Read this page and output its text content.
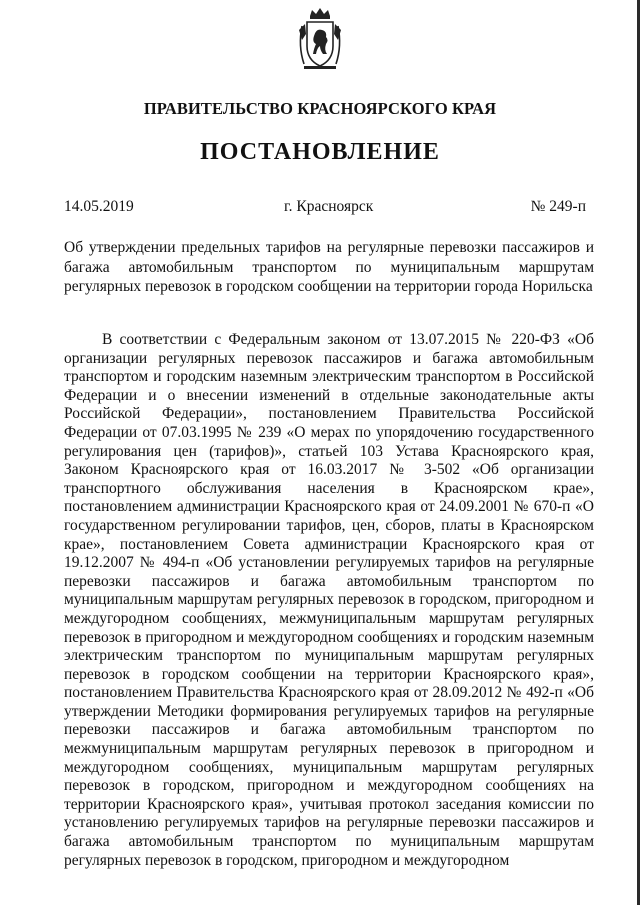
ПРАВИТЕЛЬСТВО КРАСНОЯРСКОГО КРАЯ
ПОСТАНОВЛЕНИЕ
14.05.2019	г. Красноярск	№ 249-п
Об утверждении предельных тарифов на регулярные перевозки пассажиров и багажа автомобильным транспортом по муниципальным маршрутам регулярных перевозок в городском сообщении на территории города Норильска
В соответствии с Федеральным законом от 13.07.2015 № 220-ФЗ «Об организации регулярных перевозок пассажиров и багажа автомобильным транспортом и городским наземным электрическим транспортом в Российской Федерации и о внесении изменений в отдельные законодательные акты Российской Федерации», постановлением Правительства Российской Федерации от 07.03.1995 № 239 «О мерах по упорядочению государственного регулирования цен (тарифов)», статьей 103 Устава Красноярского края, Законом Красноярского края от 16.03.2017 № 3-502 «Об организации транспортного обслуживания населения в Красноярском крае», постановлением администрации Красноярского края от 24.09.2001 № 670-п «О государственном регулировании тарифов, цен, сборов, платы в Красноярском крае», постановлением Совета администрации Красноярского края от 19.12.2007 № 494-п «Об установлении регулируемых тарифов на регулярные перевозки пассажиров и багажа автомобильным транспортом по муниципальным маршрутам регулярных перевозок в городском, пригородном и междугородном сообщениях, межмуниципальным маршрутам регулярных перевозок в пригородном и междугородном сообщениях и городским наземным электрическим транспортом по муниципальным маршрутам регулярных перевозок в городском сообщении на территории Красноярского края», постановлением Правительства Красноярского края от 28.09.2012 № 492-п «Об утверждении Методики формирования регулируемых тарифов на регулярные перевозки пассажиров и багажа автомобильным транспортом по межмуниципальным маршрутам регулярных перевозок в пригородном и междугородном сообщениях, муниципальным маршрутам регулярных перевозок в городском, пригородном и междугородном сообщениях на территории Красноярского края», учитывая протокол заседания комиссии по установлению регулируемых тарифов на регулярные перевозки пассажиров и багажа автомобильным транспортом по муниципальным маршрутам регулярных перевозок в городском, пригородном и междугородном
